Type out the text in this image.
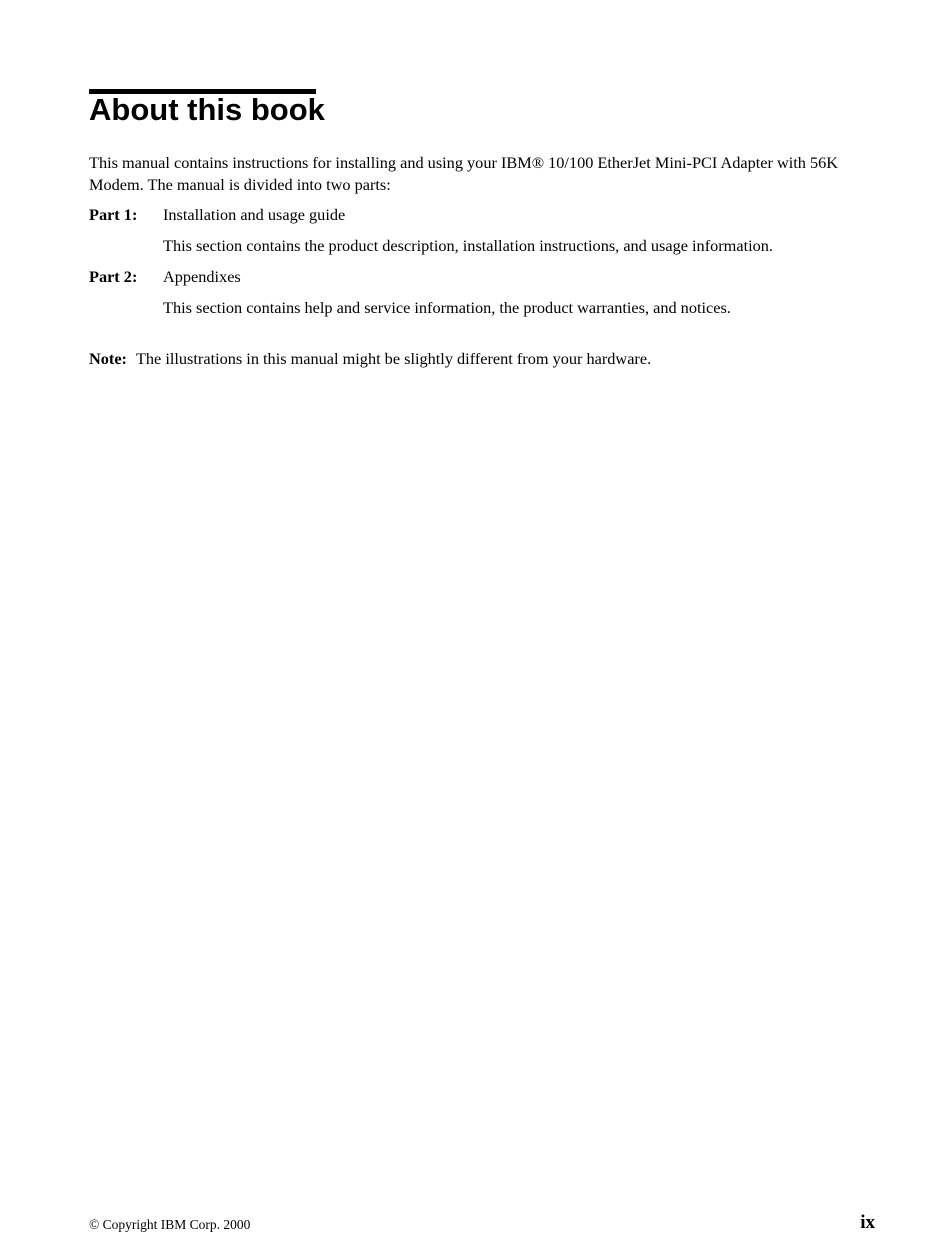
About this book

This manual contains instructions for installing and using your IBM® 10/100 EtherJet Mini-PCI Adapter with 56K Modem. The manual is divided into two parts:

Part 1: Installation and usage guide
This section contains the product description, installation instructions, and usage information.
Part 2: Appendixes
This section contains help and service information, the product warranties, and notices.
Note: The illustrations in this manual might be slightly different from your hardware.
© Copyright IBM Corp. 2000	ix
